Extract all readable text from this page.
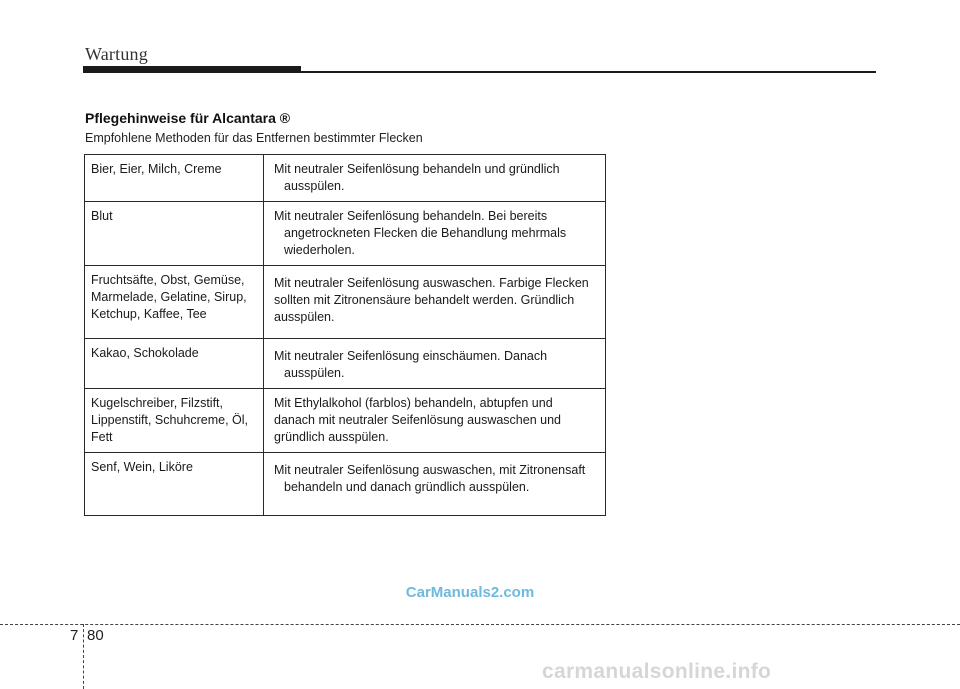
Wartung
Pflegehinweise für Alcantara ®
Empfohlene Methoden für das Entfernen bestimmter Flecken
Bier, Eier, Milch, Creme	Mit neutraler Seifenlösung behandeln und gründlich ausspülen.

Blut	Mit neutraler Seifenlösung behandeln. Bei bereits angetrockneten Flecken die Behandlung mehrmals wiederholen.

Fruchtsäfte, Obst, Gemüse, Marmelade, Gelatine, Sirup, Ketchup, Kaffee, Tee	Mit neutraler Seifenlösung auswaschen. Farbige Flecken sollten mit Zitronensäure behandelt werden. Gründlich ausspülen.

Kakao, Schokolade	Mit neutraler Seifenlösung einschäumen. Danach ausspülen.

Kugelschreiber, Filzstift, Lippenstift, Schuhcreme, Öl, Fett	Mit Ethylalkohol (farblos) behandeln, abtupfen und danach mit neutraler Seifenlösung auswaschen und gründlich ausspülen.

Senf, Wein, Liköre	Mit neutraler Seifenlösung auswaschen, mit Zitronensaft behandeln und danach gründlich ausspülen.
CarManuals2.com
7 80
carmanualsonline.info
